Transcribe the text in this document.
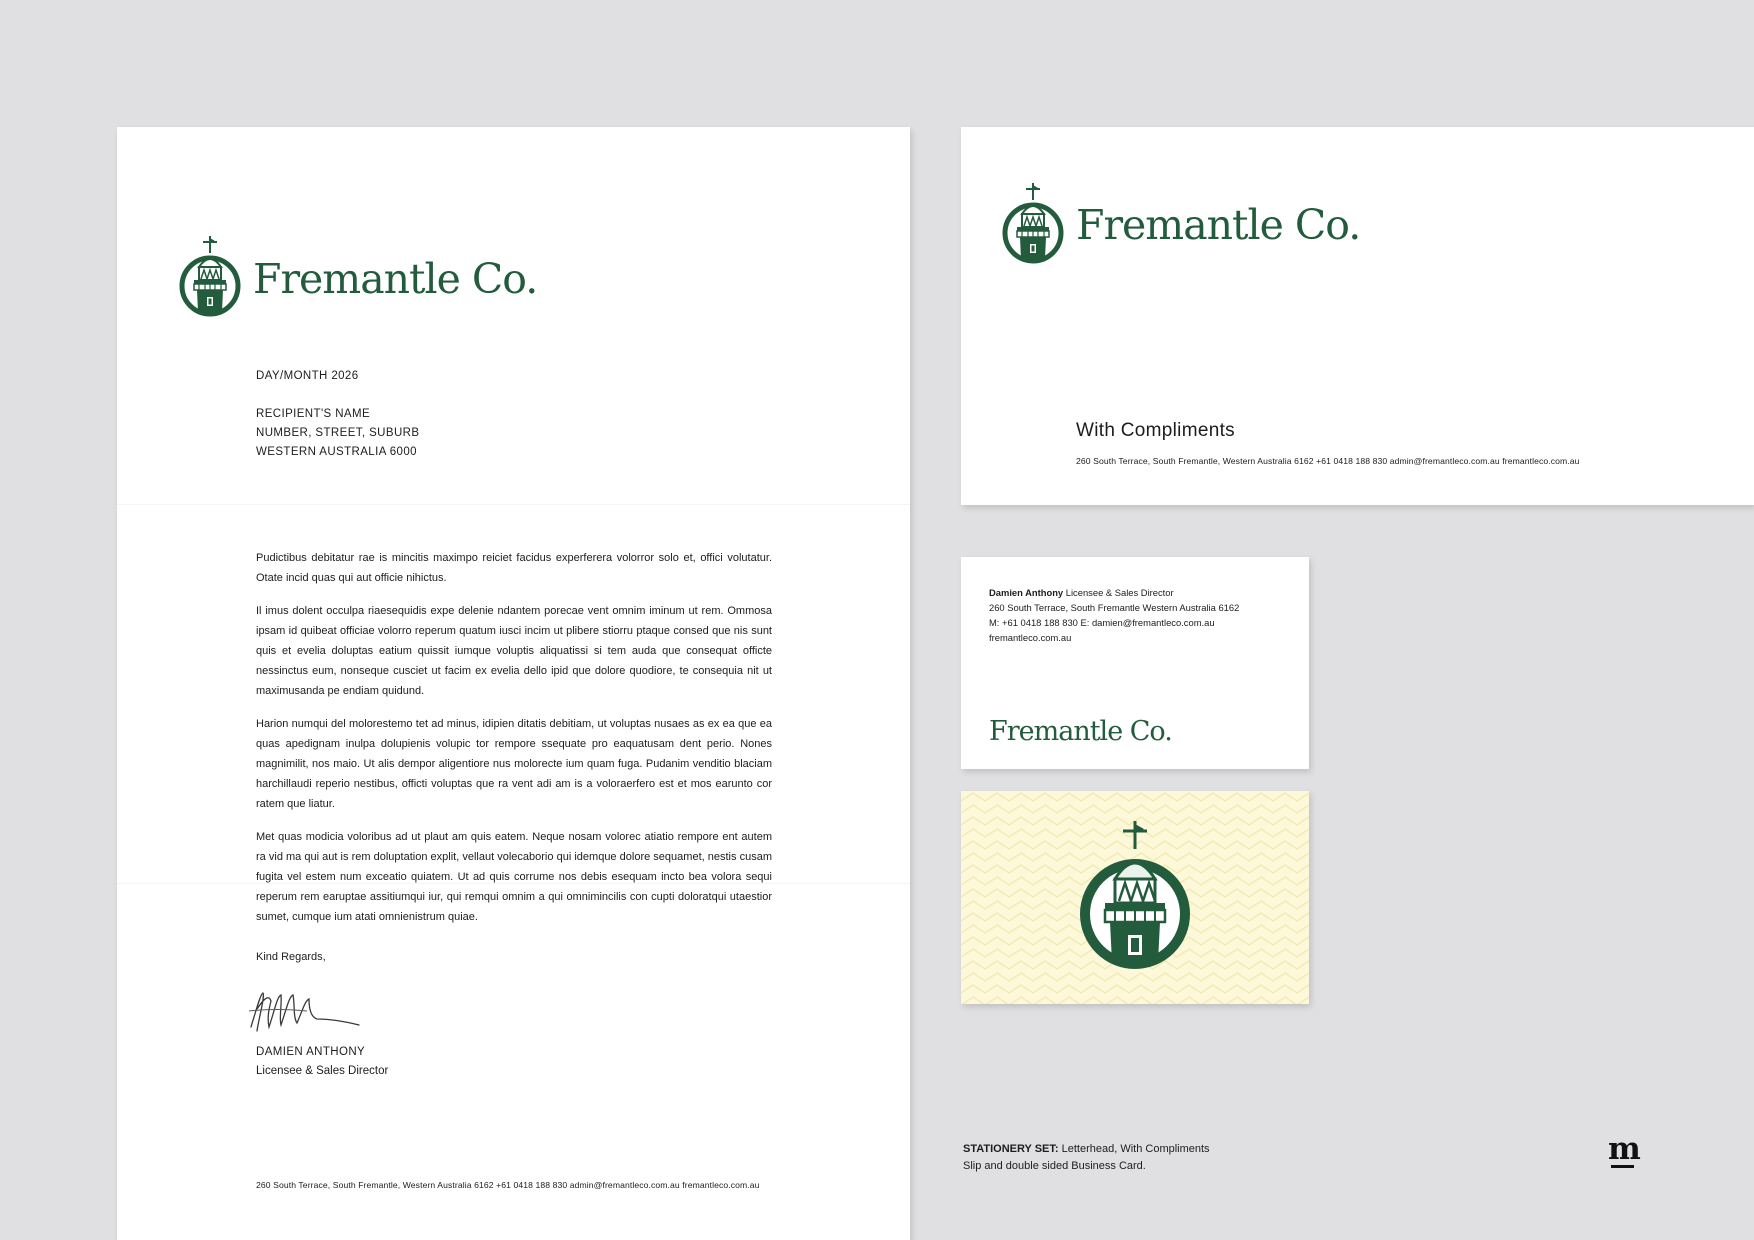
Fremantle Co.
DAY/MONTH 2026
RECIPIENT'S NAME
NUMBER, STREET, SUBURB
WESTERN AUSTRALIA 6000

Pudictibus debitatur rae is mincitis maximpo reiciet facidus experferera volorror solo et, offici volutatur. Otate incid quas qui aut officie nihictus.

Il imus dolent occulpa riaesequidis expe delenie ndantem porecae vent omnim iminum ut rem. Ommosa ipsam id quibeat officiae volorro reperum quatum iusci incim ut plibere stiorru ptaque consed que nis sunt quis et evelia doluptas eatium quissit iumque voluptis aliquatissi si tem auda que consequat officte nessinctus eum, nonseque cusciet ut facim ex evelia dello ipid que dolore quodiore, te consequia nit ut maximusanda pe endiam quidund.

Harion numqui del molorestemo tet ad minus, idipien ditatis debitiam, ut voluptas nusaes as ex ea que ea quas apedignam inulpa dolupienis volupic tor rempore ssequate pro eaquatusam dent perio. Nones magnimilit, nos maio. Ut alis dempor aligentiore nus molorecte ium quam fuga. Pudanim venditio blaciam harchillaudi reperio nestibus, officti voluptas que ra vent adi am is a voloraerfero est et mos earunto cor ratem que liatur.

Met quas modicia voloribus ad ut plaut am quis eatem. Neque nosam volorec atiatio rempore ent autem ra vid ma qui aut is rem doluptation explit, vellaut volecaborio qui idemque dolore sequamet, nestis cusam fugita vel estem num exceatio quiatem. Ut ad quis corrume nos debis esequam incto bea volora sequi reperum rem earuptae assitiumqui iur, qui remqui omnim a qui omnimincilis con cupti doloratqui utaestior sumet, cumque ium atati omnienistrum quiae.

Kind Regards,
DAMIEN ANTHONY
Licensee & Sales Director
260 South Terrace, South Fremantle, Western Australia 6162 +61 0418 188 830 admin@fremantleco.com.au fremantleco.com.au
Fremantle Co.
With Compliments
260 South Terrace, South Fremantle, Western Australia 6162 +61 0418 188 830 admin@fremantleco.com.au fremantleco.com.au
Damien Anthony Licensee & Sales Director
260 South Terrace, South Fremantle Western Australia 6162
M: +61 0418 188 830 E: damien@fremantleco.com.au
fremantleco.com.au
Fremantle Co.
STATIONERY SET: Letterhead, With Compliments
Slip and double sided Business Card.	m
